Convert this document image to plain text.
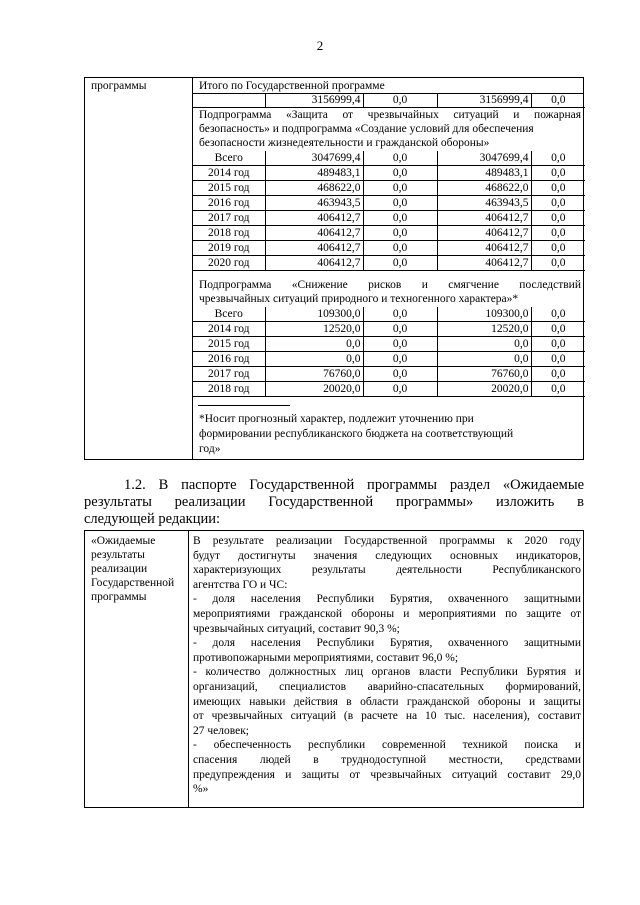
2
программы	Итого по Государственной программе
	3156999,4	0,0	3156999,4	0,0
Подпрограмма «Защита от чрезвычайных ситуаций и пожарная
безопасность» и подпрограмма «Создание условий для обеспечения
безопасности жизнедеятельности и гражданской обороны»
Всего	3047699,4	0,0	3047699,4	0,0
2014 год	489483,1	0,0	489483,1	0,0
2015 год	468622,0	0,0	468622,0	0,0
2016 год	463943,5	0,0	463943,5	0,0
2017 год	406412,7	0,0	406412,7	0,0
2018 год	406412,7	0,0	406412,7	0,0
2019 год	406412,7	0,0	406412,7	0,0
2020 год	406412,7	0,0	406412,7	0,0
Подпрограмма «Снижение рисков и смягчение последствий
чрезвычайных ситуаций природного и техногенного характера»*
Всего	109300,0	0,0	109300,0	0,0
2014 год	12520,0	0,0	12520,0	0,0
2015 год	0,0	0,0	0,0	0,0
2016 год	0,0	0,0	0,0	0,0
2017 год	76760,0	0,0	76760,0	0,0
2018 год	20020,0	0,0	20020,0	0,0
*Носит прогнозный характер, подлежит уточнению при
формировании республиканского бюджета на соответствующий
год»
1.2. В паспорте Государственной программы раздел «Ожидаемые
результаты реализации Государственной программы» изложить в
следующей редакции:
«Ожидаемые
результаты
реализации
Государственной
программы
В результате реализации Государственной программы к 2020 году
будут достигнуты значения следующих основных индикаторов,
характеризующих результаты деятельности Республиканского
агентства ГО и ЧС:
- доля населения Республики Бурятия, охваченного защитными
мероприятиями гражданской обороны и мероприятиями по защите от
чрезвычайных ситуаций, составит 90,3 %;
- доля населения Республики Бурятия, охваченного защитными
противопожарными мероприятиями, составит 96,0 %;
- количество должностных лиц органов власти Республики Бурятия и
организаций, специалистов аварийно-спасательных формирований,
имеющих навыки действия в области гражданской обороны и защиты
от чрезвычайных ситуаций (в расчете на 10 тыс. населения), составит
27 человек;
- обеспеченность республики современной техникой поиска и
спасения людей в труднодоступной местности, средствами
предупреждения и защиты от чрезвычайных ситуаций составит 29,0
%»
